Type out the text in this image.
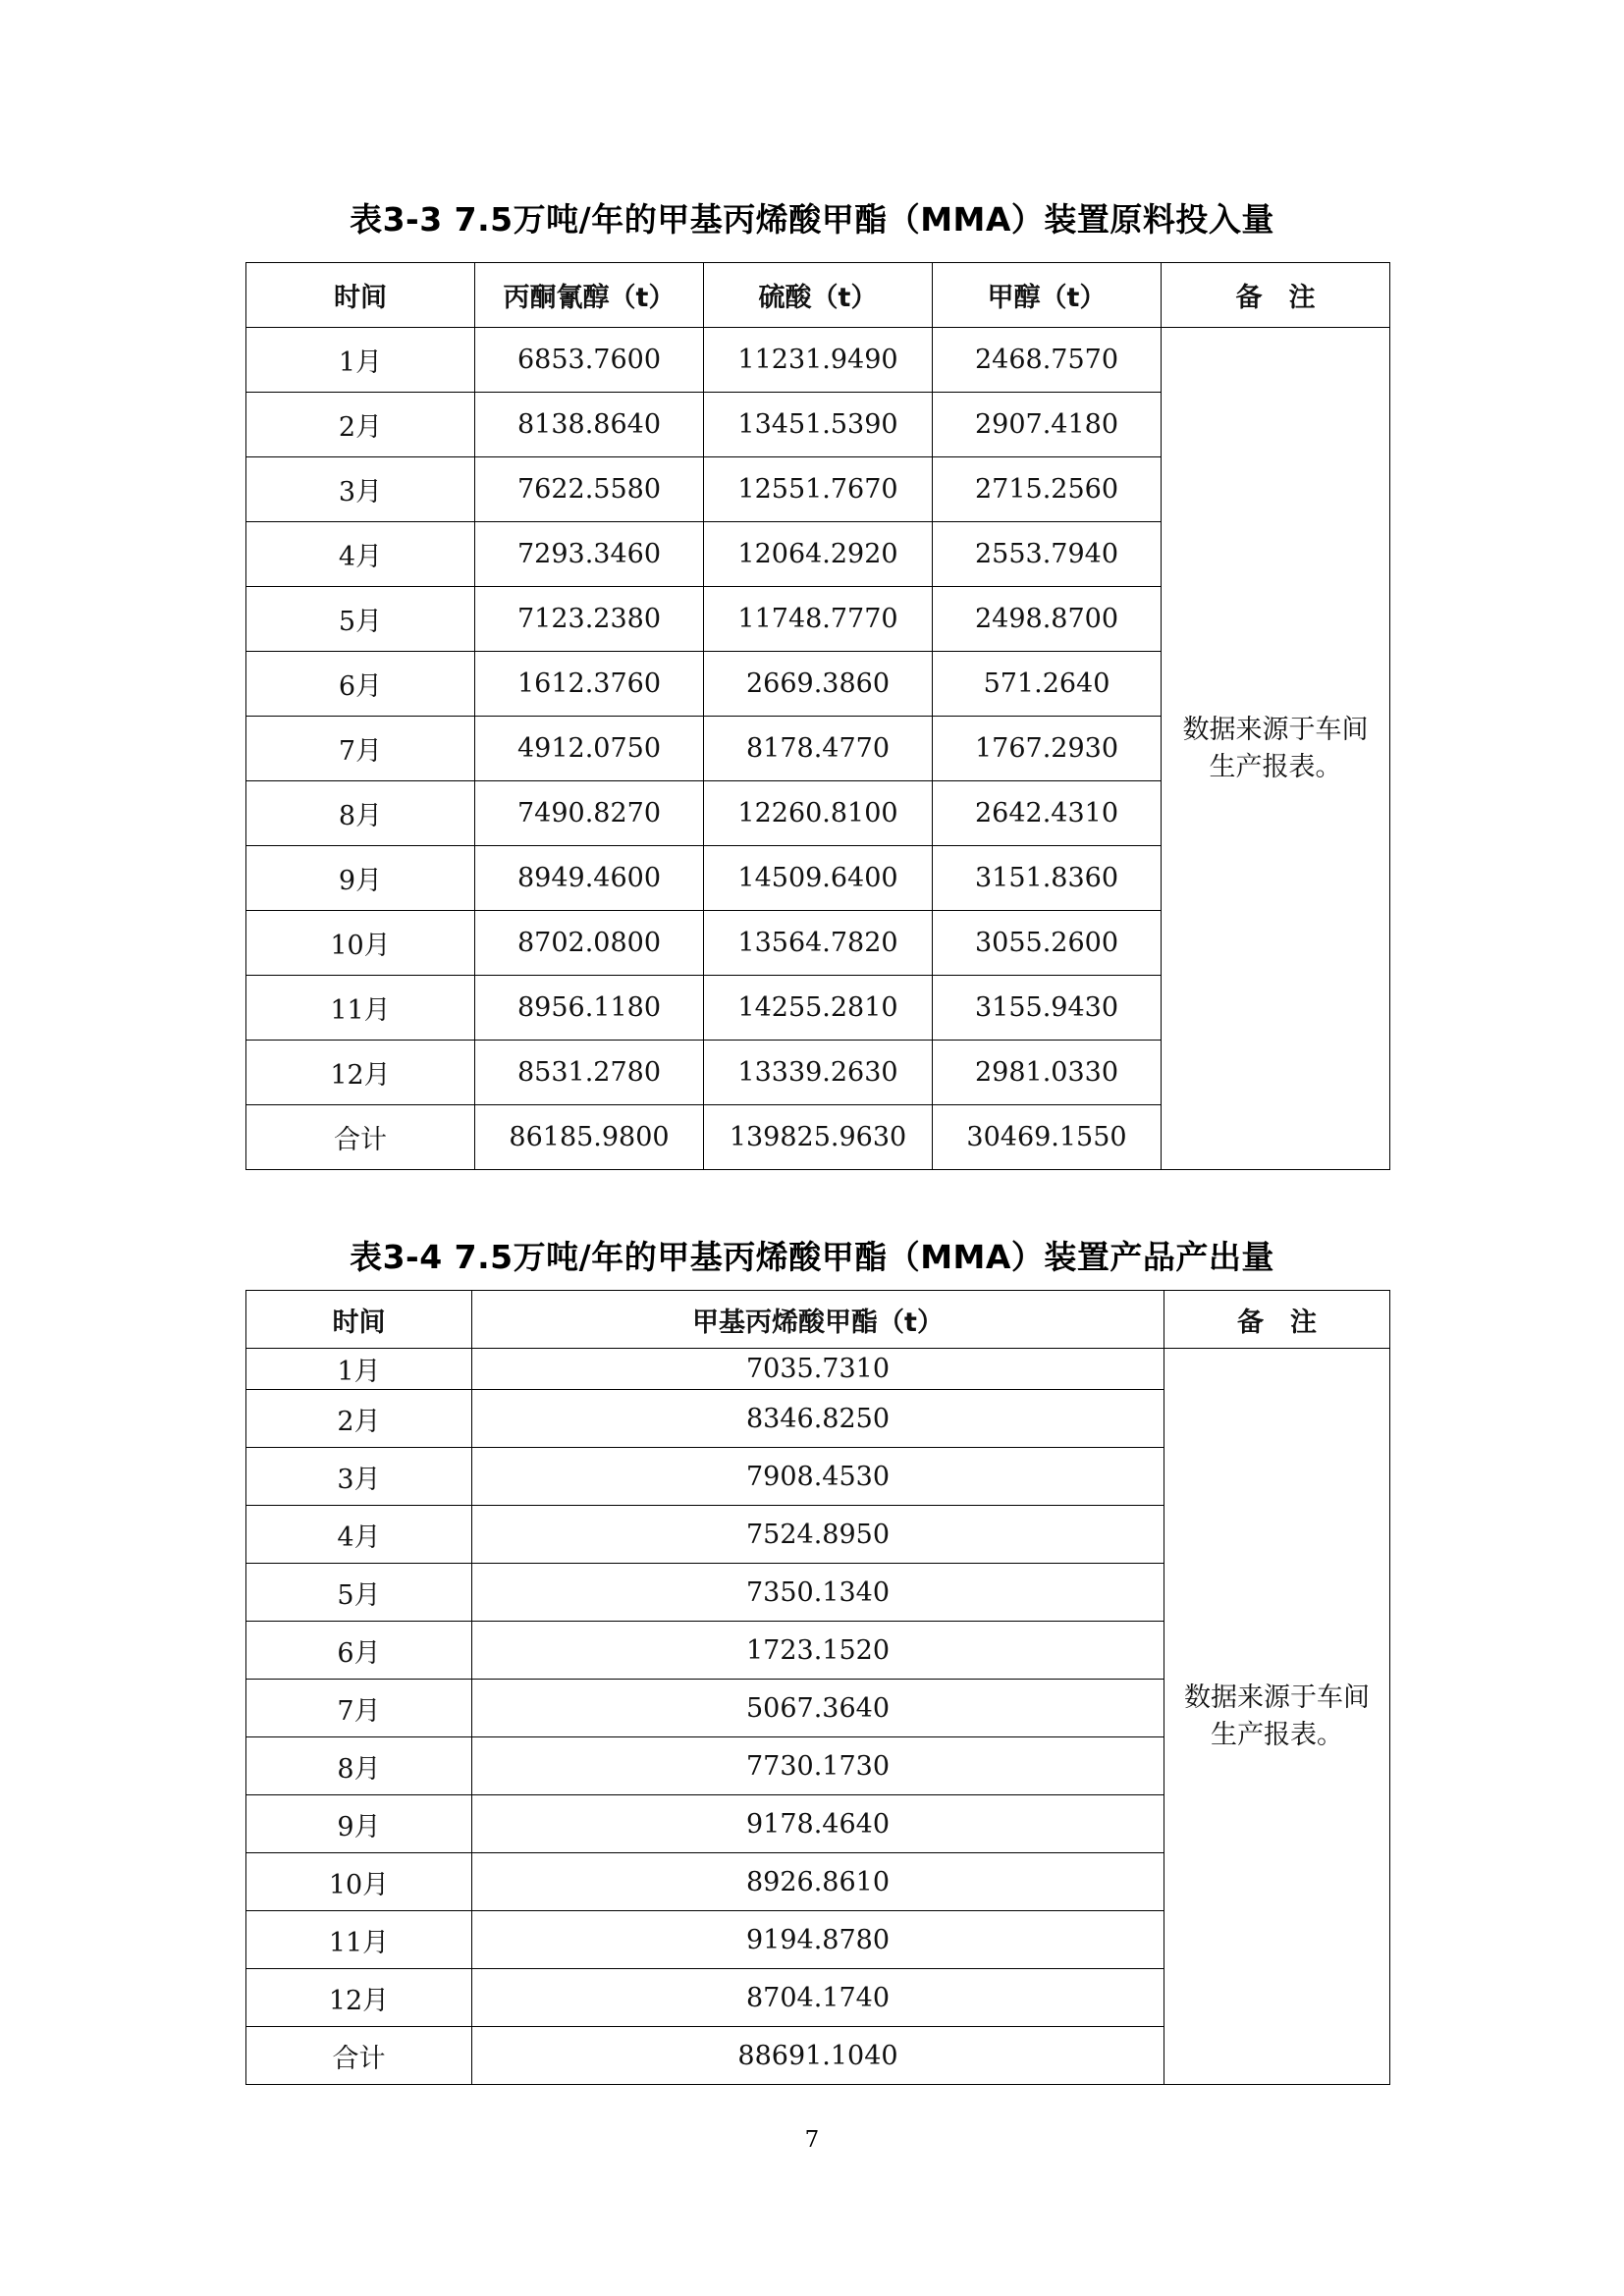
表3-3 7.5万吨/年的甲基丙烯酸甲酯（MMA）装置原料投入量
时间	丙酮氰醇（t）	硫酸（t）	甲醇（t）	备　注
1月	6853.7600	11231.9490	2468.7570	数据来源于车间生产报表。
2月	8138.8640	13451.5390	2907.4180	
3月	7622.5580	12551.7670	2715.2560	
4月	7293.3460	12064.2920	2553.7940	
5月	7123.2380	11748.7770	2498.8700	
6月	1612.3760	2669.3860	571.2640	
7月	4912.0750	8178.4770	1767.2930	
8月	7490.8270	12260.8100	2642.4310	
9月	8949.4600	14509.6400	3151.8360	
10月	8702.0800	13564.7820	3055.2600	
11月	8956.1180	14255.2810	3155.9430	
12月	8531.2780	13339.2630	2981.0330	
合计	86185.9800	139825.9630	30469.1550	
表3-4 7.5万吨/年的甲基丙烯酸甲酯（MMA）装置产品产出量
时间	甲基丙烯酸甲酯（t）	备　注
1月	7035.7310	数据来源于车间生产报表。
2月	8346.8250	
3月	7908.4530	
4月	7524.8950	
5月	7350.1340	
6月	1723.1520	
7月	5067.3640	
8月	7730.1730	
9月	9178.4640	
10月	8926.8610	
11月	9194.8780	
12月	8704.1740	
合计	88691.1040	
7
